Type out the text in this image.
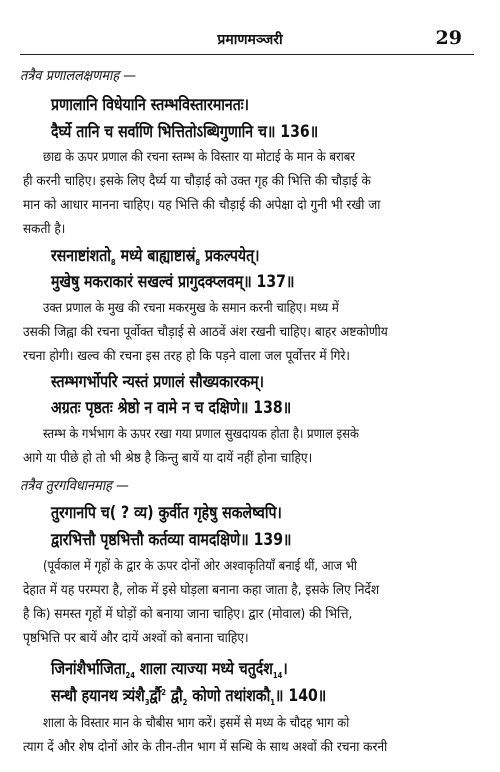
प्रमाणमञ्जरी	29
तत्रैव प्रणाललक्षणमाह —
प्रणालानि विधेयानि स्तम्भविस्तारमानतः।
दैर्घ्ये तानि च सर्वाणि भित्तितोऽब्धिगुणानि च॥ 136॥
छाद्य के ऊपर प्रणाल की रचना स्तम्भ के विस्तार या मोटाई के मान के बराबर
ही करनी चाहिए। इसके लिए दैर्घ्य या चौड़ाई को उक्त गृह की भित्ति की चौड़ाई के
मान को आधार मानना चाहिए। यह भित्ति की चौड़ाई की अपेक्षा दो गुनी भी रखी जा
सकती है।
$रसनाष्टांशतो_8$ मध्ये $बाह्याष्टास्रं_8$ प्रकल्पयेत्।
मुखेषु मकराकारं सखल्वं प्रागुदक्प्लवम्॥ 137॥
उक्त प्रणाल के मुख की रचना मकरमुख के समान करनी चाहिए। मध्य में
उसकी जिह्वा की रचना पूर्वोक्त चौड़ाई से आठवें अंश रखनी चाहिए। बाहर अष्टकोणीय
रचना होगी। खल्व की रचना इस तरह हो कि पड़ने वाला जल पूर्वोत्तर में गिरे।
स्तम्भगर्भोपरि न्यस्तं प्रणालं सौख्यकारकम्।
अग्रतः पृष्ठतः श्रेष्ठो न वामे न च दक्षिणे॥ 138॥
स्तम्भ के गर्भभाग के ऊपर रखा गया प्रणाल सुखदायक होता है। प्रणाल इसके
आगे या पीछे हो तो भी श्रेष्ठ है किन्तु बायें या दायें नहीं होना चाहिए।
तत्रैव तुरगविधानमाह —
तुरगानपि च( ? व्य) कुर्वीत गृहेषु सकलेष्वपि।
द्वारभित्तौ पृष्ठभित्तौ कर्तव्या वामदक्षिणे॥ 139॥
(पूर्वकाल में गृहों के द्वार के ऊपर दोनों ओर अश्वाकृतियाँ बनाई थीं, आज भी
देहात में यह परम्परा है, लोक में इसे घोड़ला बनाना कहा जाता है, इसके लिए निर्देश
है कि) समस्त गृहों में घोड़ों को बनाया जाना चाहिए। द्वार (मोवाल) की भित्ति,
पृष्ठभित्ति पर बायें और दायें अश्वों को बनाना चाहिए।
$जिनांशैर्भाजिता_{24}$ शाला त्याज्या मध्ये चतुर्दश$_{14}$।
सन्धौ हयानथ $त्र्यंशै_3र्द्वौ^2$ $द्वौ_2$ कोणो $तथांशकौ_1॥$ 140॥
शाला के विस्तार मान के चौबीस भाग करें। इसमें से मध्य के चौदह भाग को
त्याग दें और शेष दोनों ओर के तीन-तीन भाग में सन्धि के साथ अश्वों की रचना करनी
